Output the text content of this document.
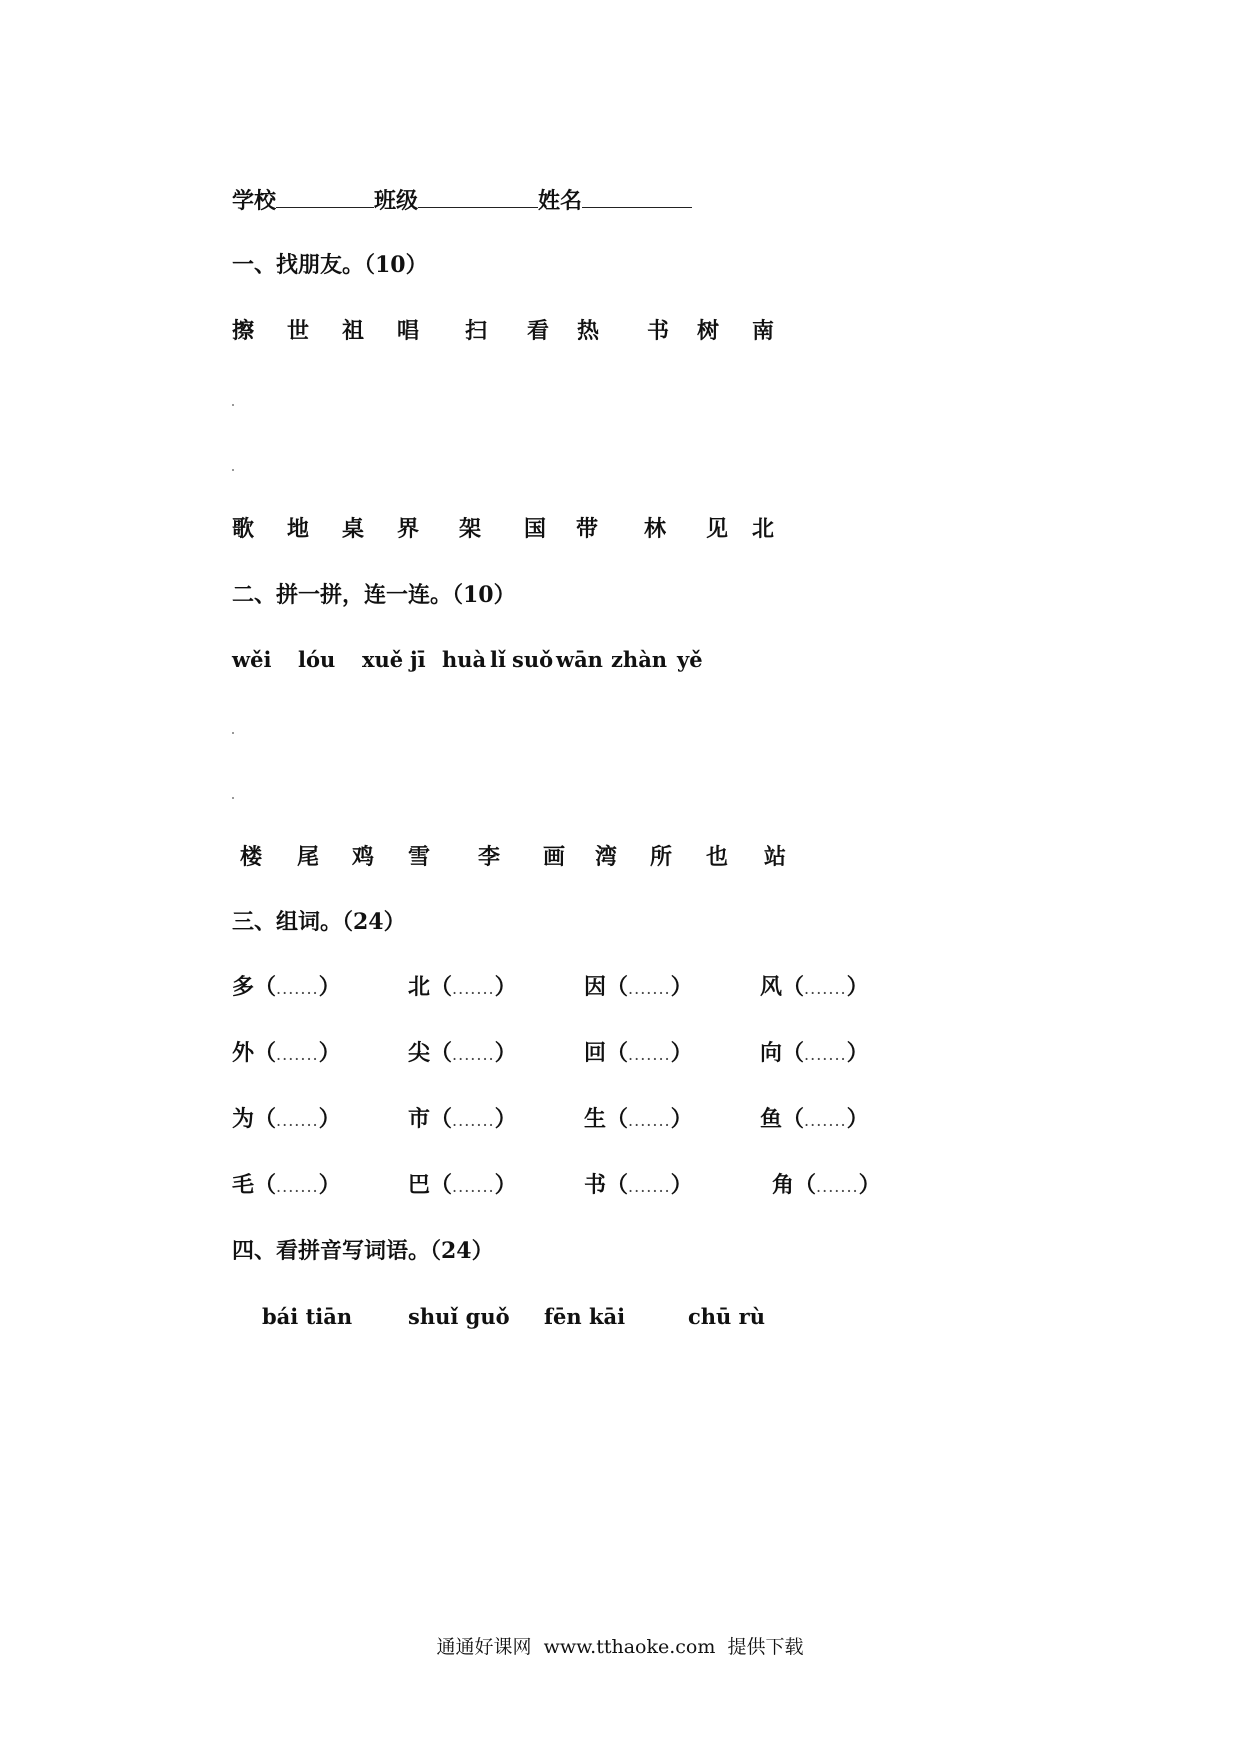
学校	班级	姓名
一、找朋友。（10）
擦	世	祖	唱	扫	看	热	书	树	南
歌	地	桌	界	架	国	带	林	见	北
二、拼一拼，连一连。（10）
wěi	lóu	xuě jī huà lǐ suǒ wān zhàn yě
楼	尾	鸡	雪	李	画	湾	所	也	站
三、组词。（24）
多（.......）	北（.......）	因（.......）	风（.......）
外（.......）	尖（.......）	回（.......）	向（.......）
为（.......）	市（.......）	生（.......）	鱼（.......）
毛（.......）	巴（.......）	书（.......）	角（.......）
四、看拼音写词语。（24）
bái tiān	shuǐ guǒ	fēn kāi	chū rù
通通好课网  www.tthaoke.com  提供下载
